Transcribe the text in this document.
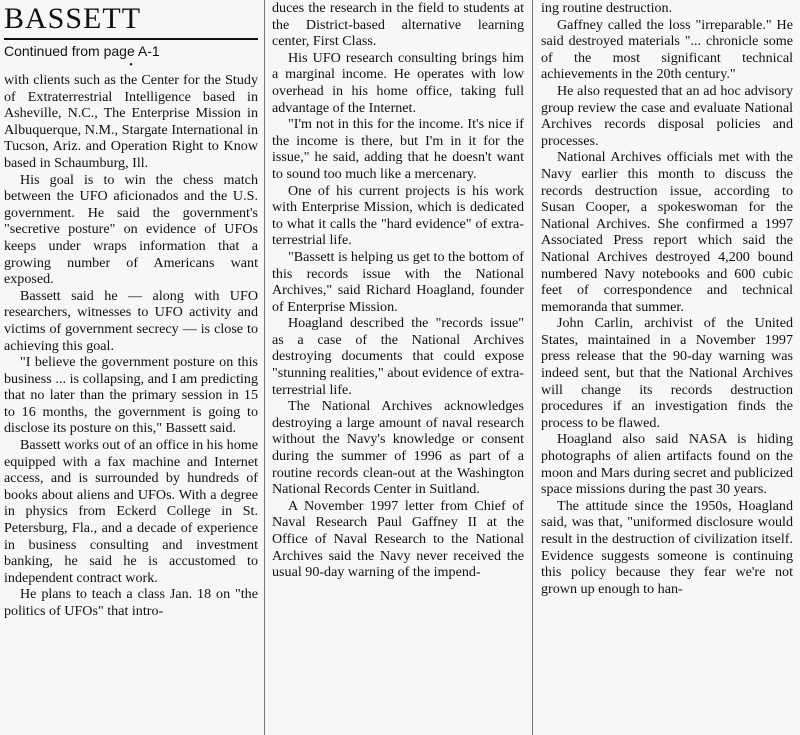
BASSETT
Continued from page A-1
•

with clients such as the Center for the Study of Extraterrestrial Intelligence based in Asheville, N.C., The Enterprise Mission in Albuquerque, N.M., Stargate International in Tucson, Ariz. and Operation Right to Know based in Schaumburg, Ill.

His goal is to win the chess match between the UFO aficionados and the U.S. government. He said the government's "secretive posture" on evidence of UFOs keeps under wraps information that a growing number of Americans want exposed.

Bassett said he — along with UFO researchers, witnesses to UFO activity and victims of government secrecy — is close to achieving this goal.

"I believe the government posture on this business ... is collapsing, and I am predicting that no later than the primary session in 15 to 16 months, the government is going to disclose its posture on this," Bassett said.

Bassett works out of an office in his home equipped with a fax machine and Internet access, and is surrounded by hundreds of books about aliens and UFOs. With a degree in physics from Eckerd College in St. Petersburg, Fla., and a decade of experience in business consulting and investment banking, he said he is accustomed to independent contract work.

He plans to teach a class Jan. 18 on "the politics of UFOs" that intro-

duces the research in the field to students at the District-based alternative learning center, First Class.

His UFO research consulting brings him a marginal income. He operates with low overhead in his home office, taking full advantage of the Internet.

"I'm not in this for the income. It's nice if the income is there, but I'm in it for the issue," he said, adding that he doesn't want to sound too much like a mercenary.

One of his current projects is his work with Enterprise Mission, which is dedicated to what it calls the "hard evidence" of extra-terrestrial life.

"Bassett is helping us get to the bottom of this records issue with the National Archives," said Richard Hoagland, founder of Enterprise Mission.

Hoagland described the "records issue" as a case of the National Archives destroying documents that could expose "stunning realities," about evidence of extra-terrestrial life.

The National Archives acknowledges destroying a large amount of naval research without the Navy's knowledge or consent during the summer of 1996 as part of a routine records clean-out at the Washington National Records Center in Suitland.

A November 1997 letter from Chief of Naval Research Paul Gaffney II at the Office of Naval Research to the National Archives said the Navy never received the usual 90-day warning of the impend-

ing routine destruction.

Gaffney called the loss "irreparable." He said destroyed materials "... chronicle some of the most significant technical achievements in the 20th century."

He also requested that an ad hoc advisory group review the case and evaluate National Archives records disposal policies and processes.

National Archives officials met with the Navy earlier this month to discuss the records destruction issue, according to Susan Cooper, a spokeswoman for the National Archives. She confirmed a 1997 Associated Press report which said the National Archives destroyed 4,200 bound numbered Navy notebooks and 600 cubic feet of correspondence and technical memoranda that summer.

John Carlin, archivist of the United States, maintained in a November 1997 press release that the 90-day warning was indeed sent, but that the National Archives will change its records destruction procedures if an investigation finds the process to be flawed.

Hoagland also said NASA is hiding photographs of alien artifacts found on the moon and Mars during secret and publicized space missions during the past 30 years.

The attitude since the 1950s, Hoagland said, was that, "uniformed disclosure would result in the destruction of civilization itself. Evidence suggests someone is continuing this policy because they fear we're not grown up enough to han-
